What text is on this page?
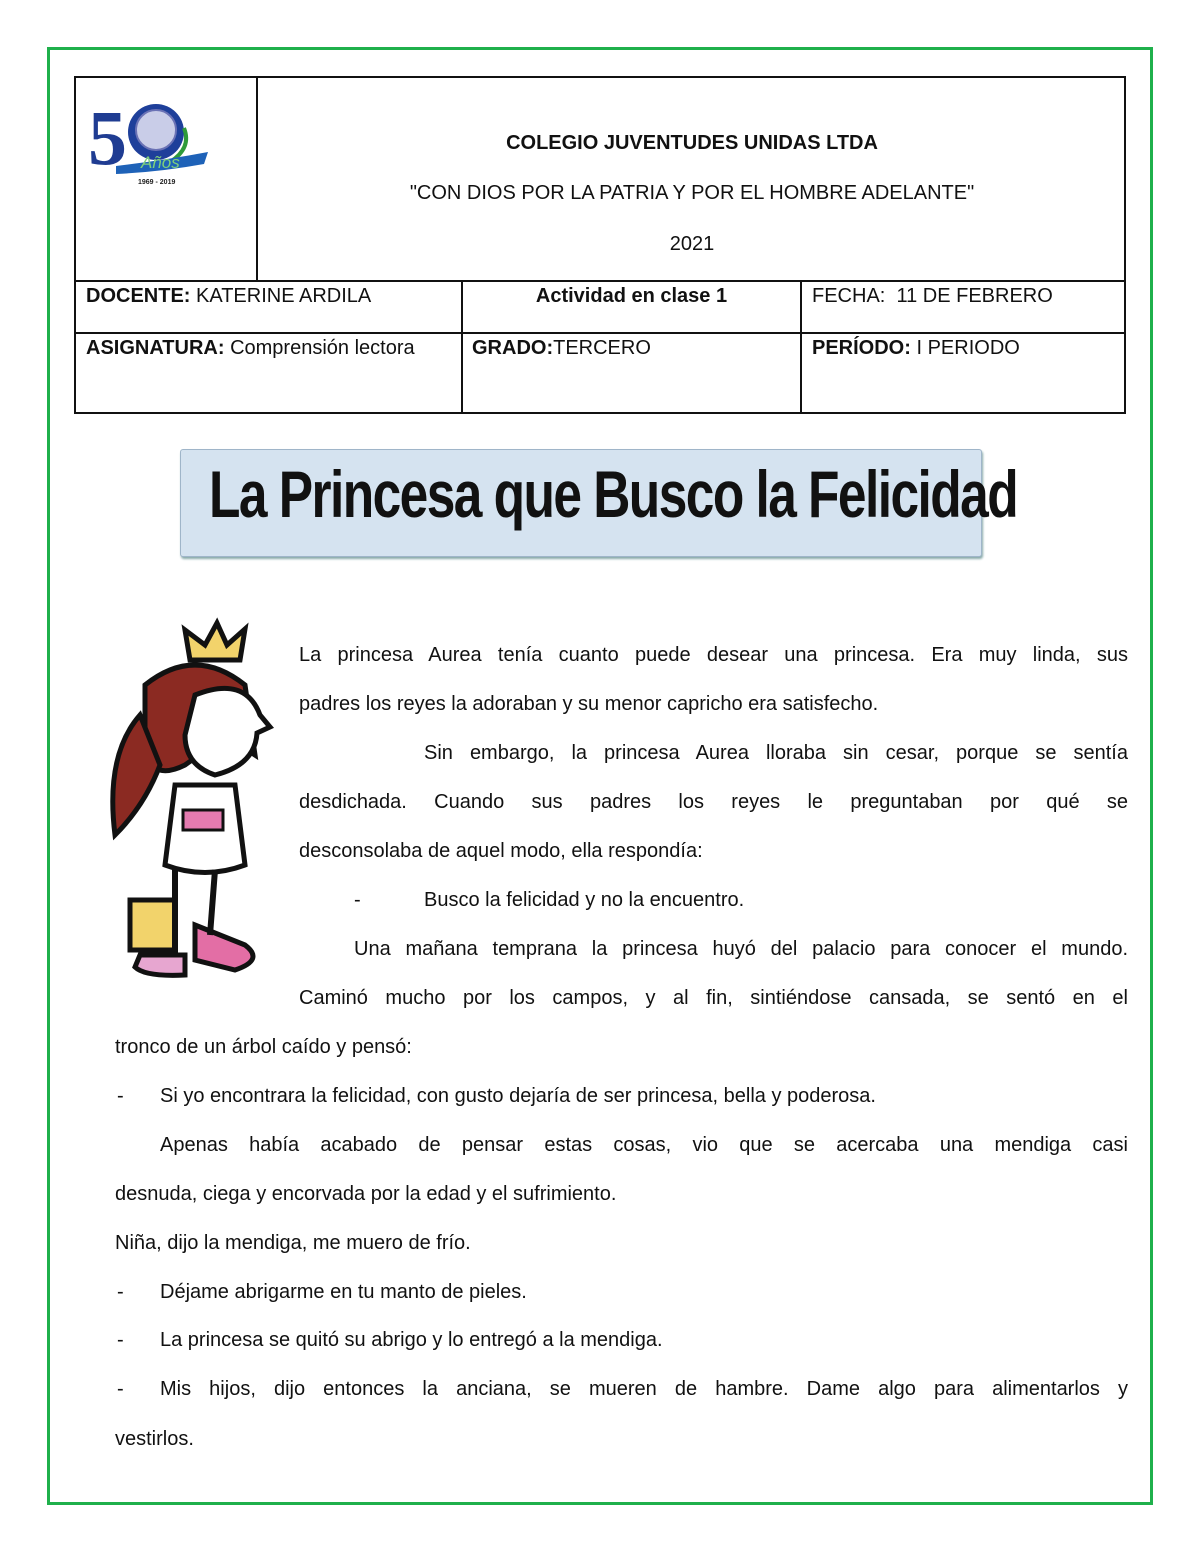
5 Años
1969 - 2019
COLEGIO JUVENTUDES UNIDAS LTDA
"CON DIOS POR LA PATRIA Y POR EL HOMBRE ADELANTE"
2021
DOCENTE: KATERINE ARDILA	Actividad en clase 1	FECHA:  11 DE FEBRERO
ASIGNATURA: Comprensión lectora	GRADO:TERCERO	PERÍODO: I PERIODO
La Princesa que Busco la Felicidad
La princesa Aurea tenía cuanto puede desear una princesa. Era muy linda, sus
padres los reyes la adoraban y su menor capricho era satisfecho.
Sin embargo, la princesa Aurea lloraba sin cesar, porque se sentía
desdichada. Cuando sus padres los reyes le preguntaban por qué se
desconsolaba de aquel modo, ella respondía:
-	Busco la felicidad y no la encuentro.
Una mañana temprana la princesa huyó del palacio para conocer el mundo.
Caminó mucho por los campos, y al fin, sintiéndose cansada, se sentó en el
tronco de un árbol caído y pensó:
- Si yo encontrara la felicidad, con gusto dejaría de ser princesa, bella y poderosa.
Apenas había acabado de pensar estas cosas, vio que se acercaba una mendiga casi
desnuda, ciega y encorvada por la edad y el sufrimiento.
Niña, dijo la mendiga, me muero de frío.
- Déjame abrigarme en tu manto de pieles.
- La princesa se quitó su abrigo y lo entregó a la mendiga.
- Mis hijos, dijo entonces la anciana, se mueren de hambre. Dame algo para alimentarlos y
vestirlos.
